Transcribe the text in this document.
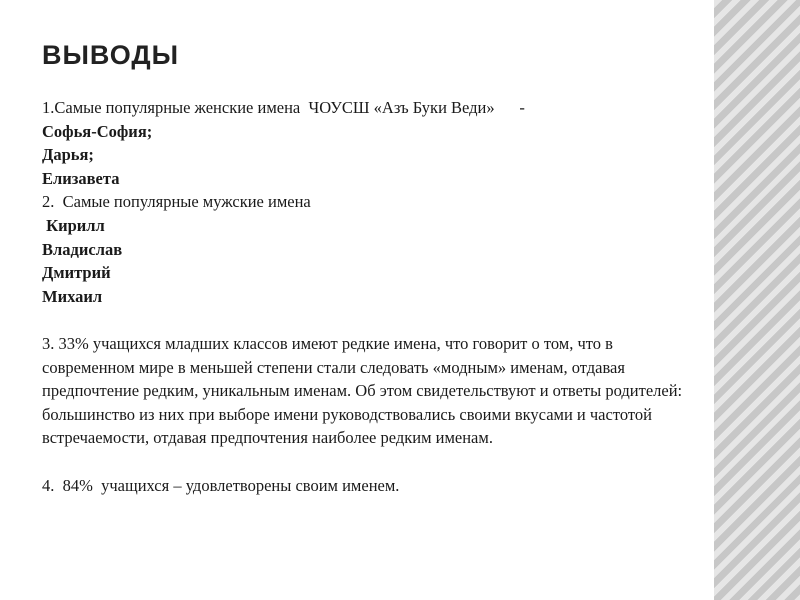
ВЫВОДЫ
1.Самые популярные женские имена  ЧОУСШ «Азъ Буки Веди»      -
Софья-София;
Дарья;
Елизавета
2.  Самые популярные мужские имена
Кирилл
Владислав
Дмитрий
Михаил
3. 33% учащихся младших классов имеют редкие имена, что говорит о том, что в современном мире в меньшей степени стали следовать «модным» именам, отдавая предпочтение редким, уникальным именам. Об этом свидетельствуют и ответы родителей: большинство из них при выборе имени руководствовались своими вкусами и частотой встречаемости, отдавая предпочтения наиболее редким именам.
4.  84%  учащихся – удовлетворены своим именем.
